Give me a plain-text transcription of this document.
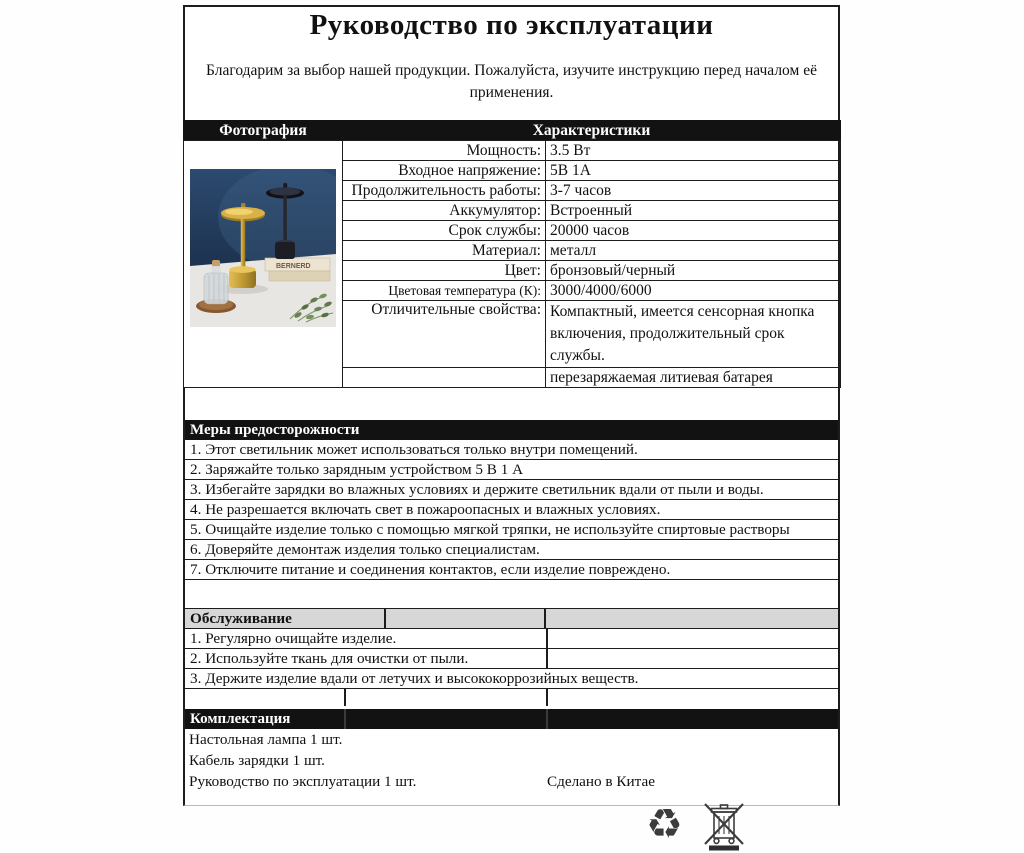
Руководство по эксплуатации
Благодарим за выбор нашей продукции. Пожалуйста, изучите инструкцию перед началом её применения.
Фотография	Характеристики	

BERNERD	Мощность:	3.5 Вт
	Входное напряжение:	5В 1А
	Продолжительность работы:	3-7 часов
	Аккумулятор:	Встроенный
	Срок службы:	20000 часов
	Материал:	металл
	Цвет:	бронзовый/черный
	Цветовая температура (К):	3000/4000/6000
	Отличительные свойства:	Компактный, имеется сенсорная кнопка включения, продолжительный срок службы.
		перезаряжаемая литиевая батарея
Меры предосторожности
1. Этот светильник может использоваться только внутри помещений.
2. Заряжайте только зарядным устройством 5 В 1 А
3. Избегайте зарядки во влажных условиях и держите светильник вдали от пыли и воды.
4. Не разрешается включать свет в пожароопасных и влажных условиях.
5. Очищайте изделие только с помощью мягкой тряпки, не используйте спиртовые растворы
6. Доверяйте демонтаж изделия только специалистам.
7. Отключите питание и соединения контактов, если изделие повреждено.
Обслуживание
1. Регулярно очищайте изделие.
2. Используйте ткань для очистки от пыли.
3. Держите изделие вдали от летучих и высококоррозийных веществ.
Комплектация
Настольная лампа 1 шт.
Кабель зарядки 1 шт.
Руководство по эксплуатации 1 шт.	Сделано в Китае
♻
